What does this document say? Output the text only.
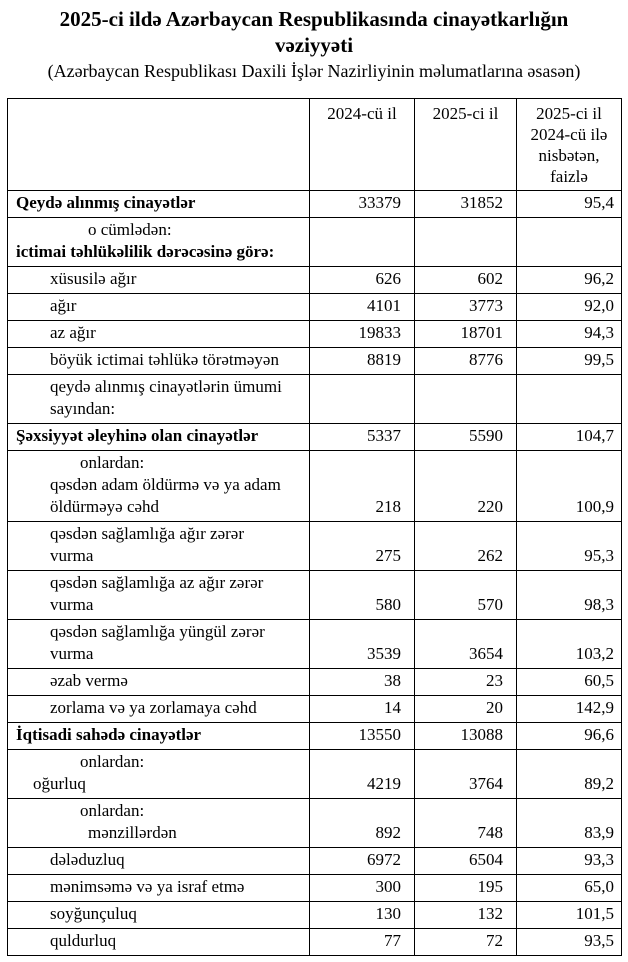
2025-ci ildə Azərbaycan Respublikasında cinayətkarlığın vəziyyəti
(Azərbaycan Respublikası Daxili İşlər Nazirliyinin məlumatlarına əsasən)
	2024-cü il	2025-ci il	2025-ci il 2024-cü ilə nisbətən, faizlə

Qeydə alınmış cinayətlər	33379	31852	95,4

o cümlədən:
ictimai təhlükəlilik dərəcəsinə görə:			

xüsusilə ağır	626	602	96,2

ağır	4101	3773	92,0

az ağır	19833	18701	94,3

böyük ictimai təhlükə törətməyən	8819	8776	99,5

qeydə alınmış cinayətlərin ümumi
sayından:			

Şəxsiyyət əleyhinə olan cinayətlər	5337	5590	104,7

onlardan:
qəsdən adam öldürmə və ya adam
öldürməyə cəhd	218	220	100,9

qəsdən sağlamlığa ağır zərər
vurma	275	262	95,3

qəsdən sağlamlığa az ağır zərər
vurma	580	570	98,3

qəsdən sağlamlığa yüngül zərər
vurma	3539	3654	103,2

əzab vermə	38	23	60,5

zorlama və ya zorlamaya cəhd	14	20	142,9

İqtisadi sahədə cinayətlər	13550	13088	96,6

onlardan:
oğurluq	4219	3764	89,2

onlardan:
mənzillərdən	892	748	83,9

dələduzluq	6972	6504	93,3

mənimsəmə və ya israf etmə	300	195	65,0

soyğunçuluq	130	132	101,5

quldurluq	77	72	93,5
